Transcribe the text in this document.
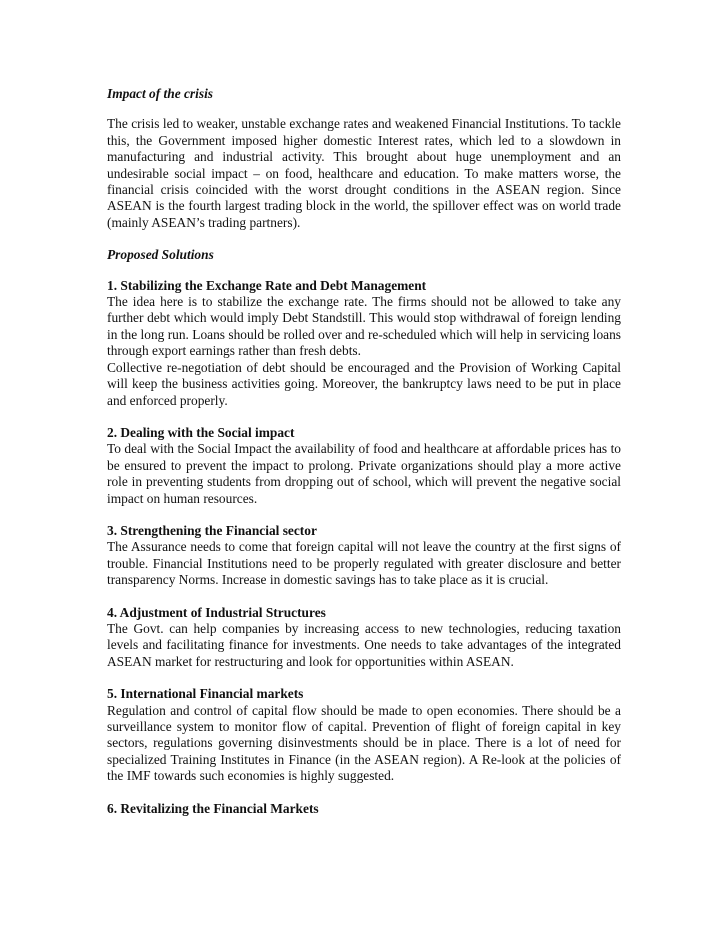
Impact of the crisis

The crisis led to weaker, unstable exchange rates and weakened Financial Institutions. To tackle this, the Government imposed higher domestic Interest rates, which led to a slowdown in manufacturing and industrial activity. This brought about huge unemployment and an undesirable social impact – on food, healthcare and education. To make matters worse, the financial crisis coincided with the worst drought conditions in the ASEAN region. Since ASEAN is the fourth largest trading block in the world, the spillover effect was on world trade (mainly ASEAN’s trading partners).

Proposed Solutions

1. Stabilizing the Exchange Rate and Debt Management

The idea here is to stabilize the exchange rate. The firms should not be allowed to take any further debt which would imply Debt Standstill. This would stop withdrawal of foreign lending in the long run. Loans should be rolled over and re-scheduled which will help in servicing loans through export earnings rather than fresh debts.

Collective re-negotiation of debt should be encouraged and the Provision of Working Capital will keep the business activities going. Moreover, the bankruptcy laws need to be put in place and enforced properly.

2. Dealing with the Social impact

To deal with the Social Impact the availability of food and healthcare at affordable prices has to be ensured to prevent the impact to prolong. Private organizations should play a more active role in preventing students from dropping out of school, which will prevent the negative social impact on human resources.

3. Strengthening the Financial sector

The Assurance needs to come that foreign capital will not leave the country at the first signs of trouble. Financial Institutions need to be properly regulated with greater disclosure and better transparency Norms. Increase in domestic savings has to take place as it is crucial.

4. Adjustment of Industrial Structures

The Govt. can help companies by increasing access to new technologies, reducing taxation levels and facilitating finance for investments. One needs to take advantages of the integrated ASEAN market for restructuring and look for opportunities within ASEAN.

5. International Financial markets

Regulation and control of capital flow should be made to open economies. There should be a surveillance system to monitor flow of capital. Prevention of flight of foreign capital in key sectors, regulations governing disinvestments should be in place. There is a lot of need for specialized Training Institutes in Finance (in the ASEAN region). A Re-look at the policies of the IMF towards such economies is highly suggested.

6. Revitalizing the Financial Markets
